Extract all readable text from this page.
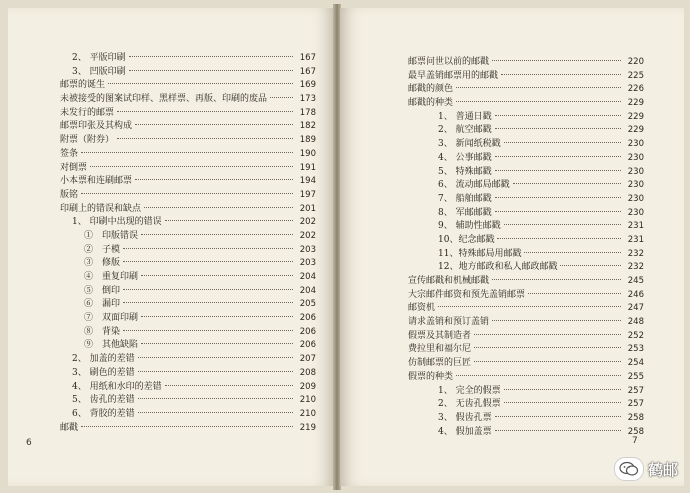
2、 平版印刷	167
3、 凹版印刷	167
邮票的诞生	169
未被接受的图案试印样、黑样票、再版、印刷的废品	173
未发行的邮票	178
邮票印张及其构成	182
附票（附券）	189
签条	190
对倒票	191
小本票和连刷邮票	194
版铭	197
印刷上的错误和缺点	201
1、 印刷中出现的错误	202
①　印版错误	202
②　子模	203
③　修版	203
④　重复印刷	204
⑤　倒印	204
⑥　漏印	205
⑦　双面印刷	206
⑧　背染	206
⑨　其他缺陷	206
2、 加盖的差错	207
3、 刷色的差错	208
4、 用纸和水印的差错	209
5、 齿孔的差错	210
6、 背胶的差错	210
邮戳	219
6
邮票问世以前的邮戳	220
最早盖销邮票用的邮戳	225
邮戳的颜色	226
邮戳的种类	229
1、 普通日戳	229
2、 航空邮戳	229
3、 新闻纸税戳	230
4、 公事邮戳	230
5、 特殊邮戳	230
6、 流动邮局邮戳	230
7、 船舶邮戳	230
8、 军邮邮戳	230
9、 辅助性邮戳	231
10、纪念邮戳	231
11、特殊邮局用邮戳	232
12、地方邮政和私人邮政邮戳	232
宣传邮戳和机械邮戳	245
大宗邮件邮资和预先盖销邮票	246
邮资机	247
请求盖销和预订盖销	248
假票及其制造者	252
费拉里和福尔尼	253
仿制邮票的巨匠	254
假票的种类	255
1、 完全的假票	257
2、 无齿孔假票	257
3、 假齿孔票	258
4、 假加盖票	258
7
鹤邮
